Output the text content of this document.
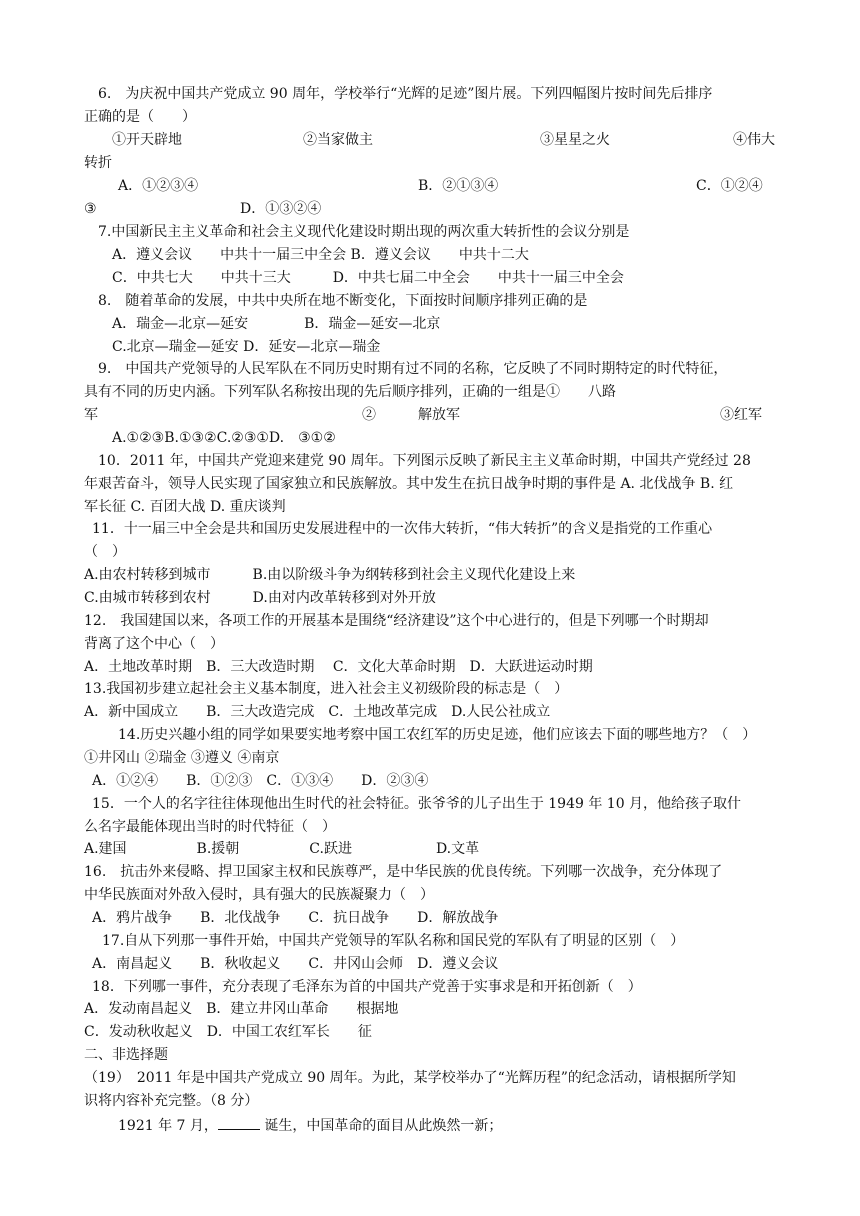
6.　为庆祝中国共产党成立 90 周年，学校举行“光辉的足迹”图片展。下列四幅图片按时间先后排序
正确的是（　　）
①开天辟地	②当家做主	③星星之火	④伟大
转折
A．①②③④	B．②①③④	C．①②④
③	D．①③②④
7.中国新民主主义革命和社会主义现代化建设时期出现的两次重大转折性的会议分别是
A．遵义会议　　中共十一届三中全会 B．遵义会议　　中共十二大
C．中共七大　　中共十三大　　　D．中共七届二中全会　　中共十一届三中全会
8.　随着革命的发展，中共中央所在地不断变化，下面按时间顺序排列正确的是
A．瑞金—北京—延安　　　　B．瑞金—延安—北京
C.北京—瑞金—延安 D．延安—北京—瑞金
9.　中国共产党领导的人民军队在不同历史时期有过不同的名称，它反映了不同时期特定的时代特征，
具有不同的历史内涵。下列军队名称按出现的先后顺序排列，正确的一组是①　　八路
军	②　　　解放军	③红军
A.①②③B.①③②C.②③①D.　③①②
10．2011 年，中国共产党迎来建党 90 周年。下列图示反映了新民主主义革命时期，中国共产党经过 28
年艰苦奋斗，领导人民实现了国家独立和民族解放。其中发生在抗日战争时期的事件是 A. 北伐战争 B. 红
军长征 C. 百团大战 D. 重庆谈判
11．十一届三中全会是共和国历史发展进程中的一次伟大转折，“伟大转折”的含义是指党的工作重心
（　）
A.由农村转移到城市　　　B.由以阶级斗争为纲转移到社会主义现代化建设上来
C.由城市转移到农村　　　D.由对内改革转移到对外开放
12.　我国建国以来，各项工作的开展基本是围绕“经济建设”这个中心进行的，但是下列哪一个时期却
背离了这个中心（　）
A．土地改革时期　B．三大改造时期　 C．文化大革命时期　D．大跃进运动时期
13.我国初步建立起社会主义基本制度，进入社会主义初级阶段的标志是（　）
A．新中国成立　　B．三大改造完成　C．土地改革完成　D.人民公社成立
14.历史兴趣小组的同学如果要实地考察中国工农红军的历史足迹，他们应该去下面的哪些地方？（　）
①井冈山 ②瑞金 ③遵义 ④南京
A．①②④　　B．①②③　C．①③④　　D．②③④
15．一个人的名字往往体现他出生时代的社会特征。张爷爷的儿子出生于 1949 年 10 月，他给孩子取什
么名字最能体现出当时的时代特征（　）
A.建国　　　　　B.援朝　　　　　C.跃进　　　　　　D.文革
16.　抗击外来侵略、捍卫国家主权和民族尊严，是中华民族的优良传统。下列哪一次战争，充分体现了
中华民族面对外敌入侵时，具有强大的民族凝聚力（　）
A．鸦片战争　　B．北伐战争　　C．抗日战争　　D．解放战争
17.自从下列那一事件开始，中国共产党领导的军队名称和国民党的军队有了明显的区别（　）
A．南昌起义　　B．秋收起义　　C．井冈山会师　D．遵义会议
18．下列哪一事件，充分表现了毛泽东为首的中国共产党善于实事求是和开拓创新（　）
A．发动南昌起义　B．建立井冈山革命　　根据地
C．发动秋收起义　D．中国工农红军长　　征
二、非选择题
（19）　2011 年是中国共产党成立 90 周年。为此，某学校举办了“光辉历程”的纪念活动，请根据所学知
识将内容补充完整。（8 分）
1921 年 7 月，	诞生，中国革命的面目从此焕然一新；
